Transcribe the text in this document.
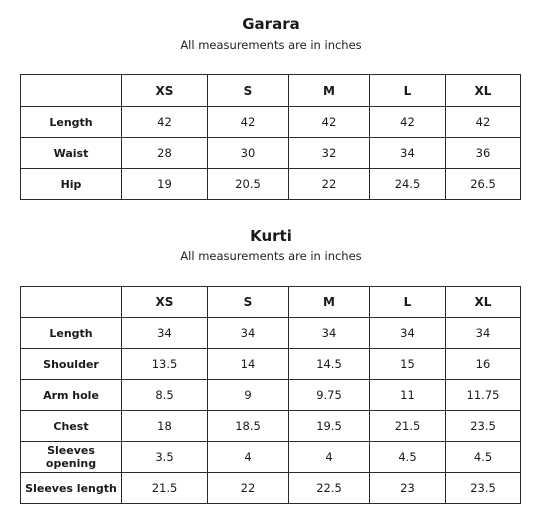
Garara
All measurements are in inches
	XS	S	M	L	XL
Length	42	42	42	42	42
Waist	28	30	32	34	36
Hip	19	20.5	22	24.5	26.5
Kurti
All measurements are in inches
	XS	S	M	L	XL
Length	34	34	34	34	34
Shoulder	13.5	14	14.5	15	16
Arm hole	8.5	9	9.75	11	11.75
Chest	18	18.5	19.5	21.5	23.5
Sleeves opening	3.5	4	4	4.5	4.5
Sleeves length	21.5	22	22.5	23	23.5
